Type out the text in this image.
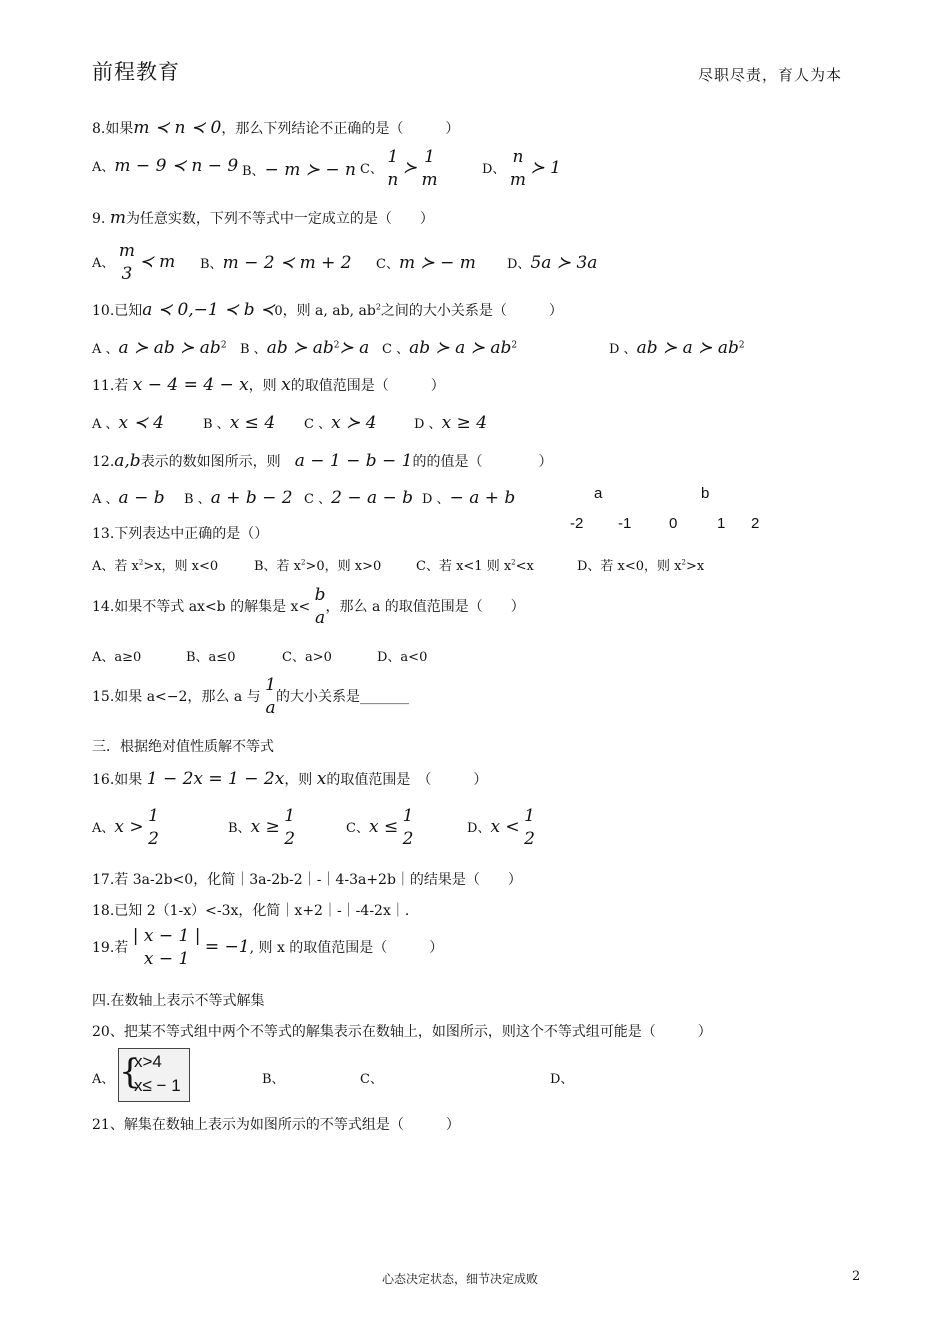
前程教育	尽职尽责，育人为本
8.如果m ≺ n ≺ 0，那么下列结论不正确的是（　　　）
A、m − 9 ≺ n − 9 B、− m ≻ − n C、
1
n
≻
1
m
D、
n
m
≻ 1
9. m为任意实数，下列不等式中一定成立的是（　　）
A、
m
3
≺ m B、m − 2 ≺ m + 2 C、m ≻ − m D、5a ≻ 3a
10.已知a ≺ 0,−1 ≺ b ≺0，则 a, ab, $ab^2$之间的大小关系是（　　　）
A 、a ≻ ab ≻ $ab^2$ B 、ab ≻ $ab^2≻$ a C 、ab ≻ a ≻ $ab^2$	D 、ab ≻ a ≻ $ab^2$
11.若 x − 4 = 4 − x，则 x的取值范围是（　　　）
A 、x ≺ 4	B 、x ≤ 4 C 、x ≻ 4	D 、x ≥ 4
12.a,b表示的数如图所示，则　 a − 1 − b − 1的的值是（　　　　）
A 、a − b B 、a + b − 2 C 、2 − a − b D 、− a + b	a	b
-2 -1	0	1 2
13.下列表达中正确的是（）
A、若 $x^2>x$，则 x<0	B、若 $x^2>0$，则 x>0	C、若 x<1 则 $x^2<x$	D、若 x<0，则 $x^2>x$
14.如果不等式 ax<b 的解集是 x<
b
a
，那么 a 的取值范围是（　　）
A、a≥0	B、a≤0	C、a>0	D、a<0
15.如果 a<−2，那么 a 与
1
a
的大小关系是_______
三．根据绝对值性质解不等式
16.如果 1 − 2x = 1 − 2x，则 x的取值范围是　（　　　）
A、x >
1
2
B、x ≥
1
2
C、x ≤
1
2
D、x <
1
2
17.若 3a-2b<0，化简｜3a-2b-2｜-｜4-3a+2b｜的结果是（　　）
18.已知 2（1-x）<-3x，化简｜x+2｜-｜-4-2x｜.
19.若
| x − 1 |
x − 1
= −1, 则 x 的取值范围是（　　　）
四.在数轴上表示不等式解集
20、把某不等式组中两个不等式的解集表示在数轴上，如图所示，则这个不等式组可能是（　　　）
A、 {
x>4
x≤ − 1	B、	C、	D、
21、解集在数轴上表示为如图所示的不等式组是（　　　）
心态决定状态，细节决定成败	2
